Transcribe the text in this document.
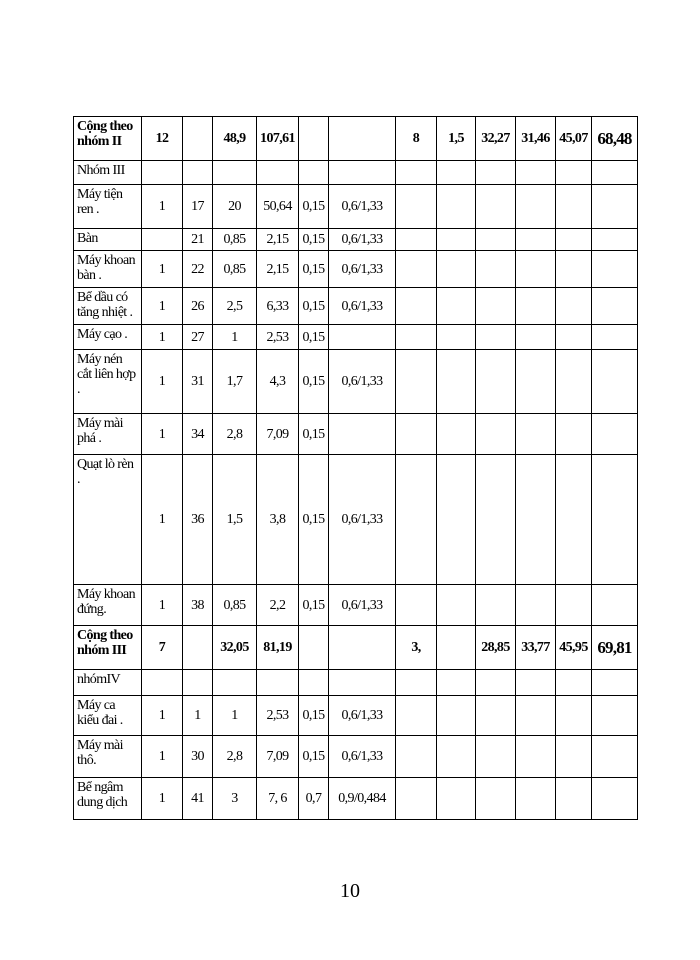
Cộng theo nhóm II	12		48,9	107,61			8	1,5	32,27	31,46	45,07	68,48
Nhóm III												
Máy tiện ren .	1	17	20	50,64	0,15	0,6/1,33						
Bàn		21	0,85	2,15	0,15	0,6/1,33						
Máy khoan bàn .	1	22	0,85	2,15	0,15	0,6/1,33						
Bể dầu có tăng nhiệt .	1	26	2,5	6,33	0,15	0,6/1,33						
Máy cạo .	1	27	1	2,53	0,15							
Máy nén cắt liên hợp .	1	31	1,7	4,3	0,15	0,6/1,33						
Máy mài phá .	1	34	2,8	7,09	0,15							
Quạt lò rèn .	1	36	1,5	3,8	0,15	0,6/1,33						
Máy khoan đứng.	1	38	0,85	2,2	0,15	0,6/1,33						
Cộng theo nhóm III	7		32,05	81,19			3,		28,85	33,77	45,95	69,81
nhómIV												
Máy ca kiểu đai .	1	1	1	2,53	0,15	0,6/1,33						
Máy mài thô.	1	30	2,8	7,09	0,15	0,6/1,33						
Bể ngâm dung dịch	1	41	3	7, 6	0,7	0,9/0,484						
10
